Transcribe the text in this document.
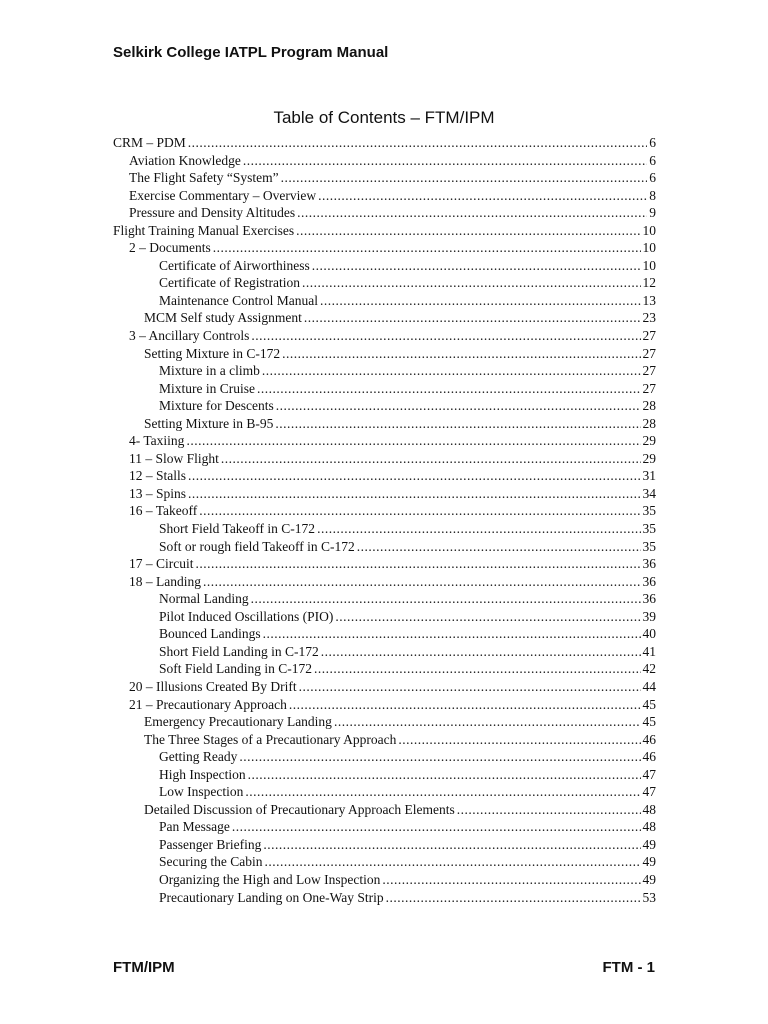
Selkirk College IATPL Program Manual
Table of Contents – FTM/IPM
CRM – PDM .....	6
Aviation Knowledge .....	6
The Flight Safety “System” .....	6
Exercise Commentary – Overview .....	8
Pressure and Density Altitudes .....	9
Flight Training Manual Exercises .....	10
2 – Documents .....	10
Certificate of Airworthiness .....	10
Certificate of Registration .....	12
Maintenance Control Manual .....	13
MCM Self study Assignment .....	23
3 – Ancillary Controls .....	27
Setting Mixture in C-172 .....	27
Mixture in a climb .....	27
Mixture in Cruise .....	27
Mixture for Descents .....	28
Setting Mixture in B-95 .....	28
4- Taxiing .....	29
11 – Slow Flight .....	29
12 – Stalls .....	31
13 – Spins .....	34
16 – Takeoff .....	35
Short Field Takeoff in C-172 .....	35
Soft or rough field Takeoff in C-172 .....	35
17 – Circuit .....	36
18 – Landing .....	36
Normal Landing .....	36
Pilot Induced Oscillations (PIO) .....	39
Bounced Landings .....	40
Short Field Landing in C-172 .....	41
Soft Field Landing in C-172 .....	42
20 – Illusions Created By Drift .....	44
21 – Precautionary Approach .....	45
Emergency Precautionary Landing .....	45
The Three Stages of a Precautionary Approach .....	46
Getting Ready .....	46
High Inspection .....	47
Low Inspection .....	47
Detailed Discussion of Precautionary Approach Elements .....	48
Pan Message .....	48
Passenger Briefing .....	49
Securing the Cabin .....	49
Organizing the High and Low Inspection .....	49
Precautionary Landing on One-Way Strip .....	53
FTM/IPM	FTM - 1
